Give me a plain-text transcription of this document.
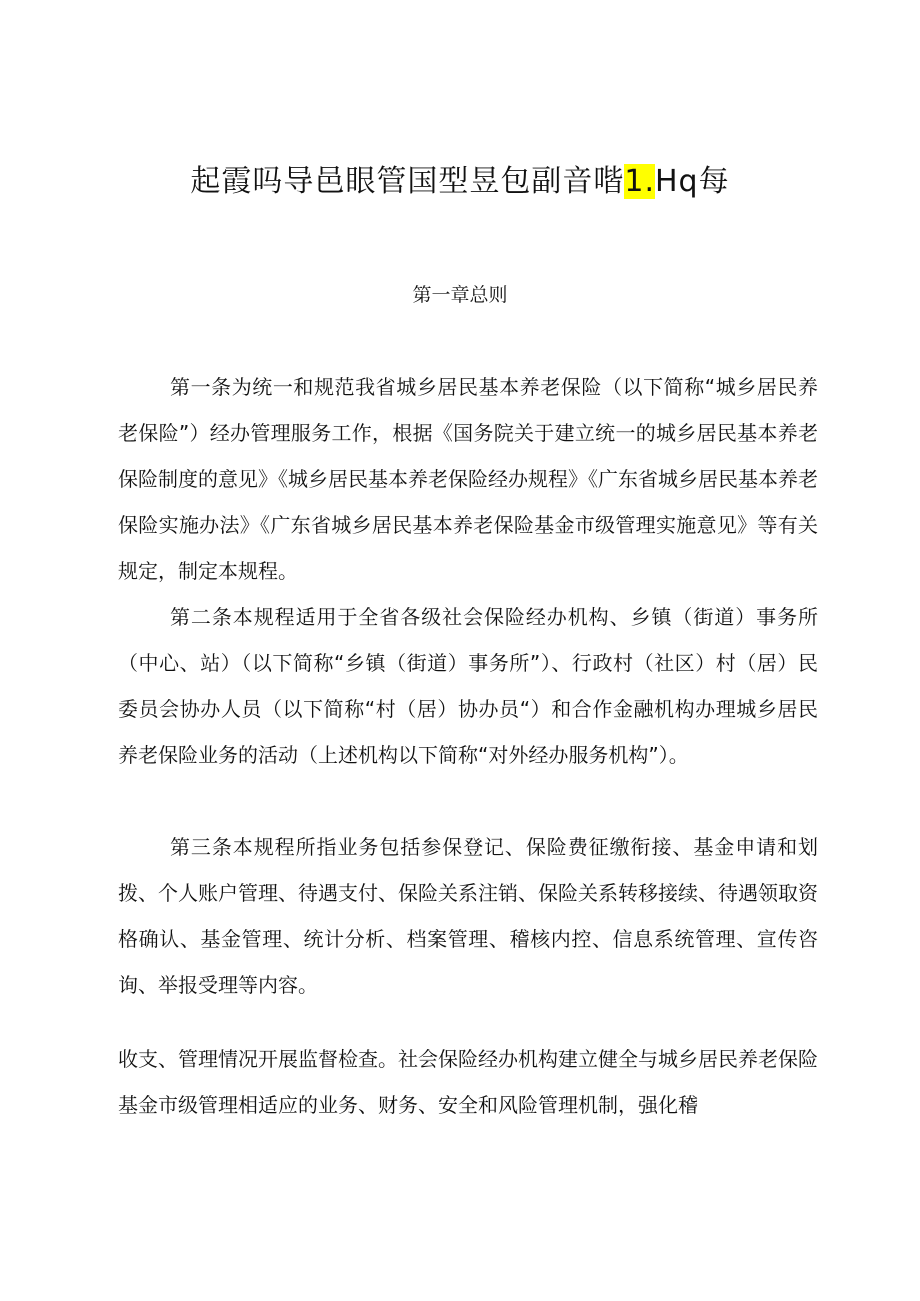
起霞吗导邑眼管国型昱包副音喈1.Hq每
第一章总则

第一条为统一和规范我省城乡居民基本养老保险（以下简称“城乡居民养老保险”）经办管理服务工作，根据《国务院关于建立统一的城乡居民基本养老保险制度的意见》《城乡居民基本养老保险经办规程》《广东省城乡居民基本养老保险实施办法》《广东省城乡居民基本养老保险基金市级管理实施意见》等有关规定，制定本规程。

第二条本规程适用于全省各级社会保险经办机构、乡镇（街道）事务所（中心、站）（以下简称“乡镇（街道）事务所”）、行政村（社区）村（居）民委员会协办人员（以下简称“村（居）协办员“）和合作金融机构办理城乡居民养老保险业务的活动（上述机构以下简称“对外经办服务机构”）。

第三条本规程所指业务包括参保登记、保险费征缴衔接、基金申请和划拨、个人账户管理、待遇支付、保险关系注销、保险关系转移接续、待遇领取资格确认、基金管理、统计分析、档案管理、稽核内控、信息系统管理、宣传咨询、举报受理等内容。

收支、管理情况开展监督检查。社会保险经办机构建立健全与城乡居民养老保险基金市级管理相适应的业务、财务、安全和风险管理机制，强化稽
